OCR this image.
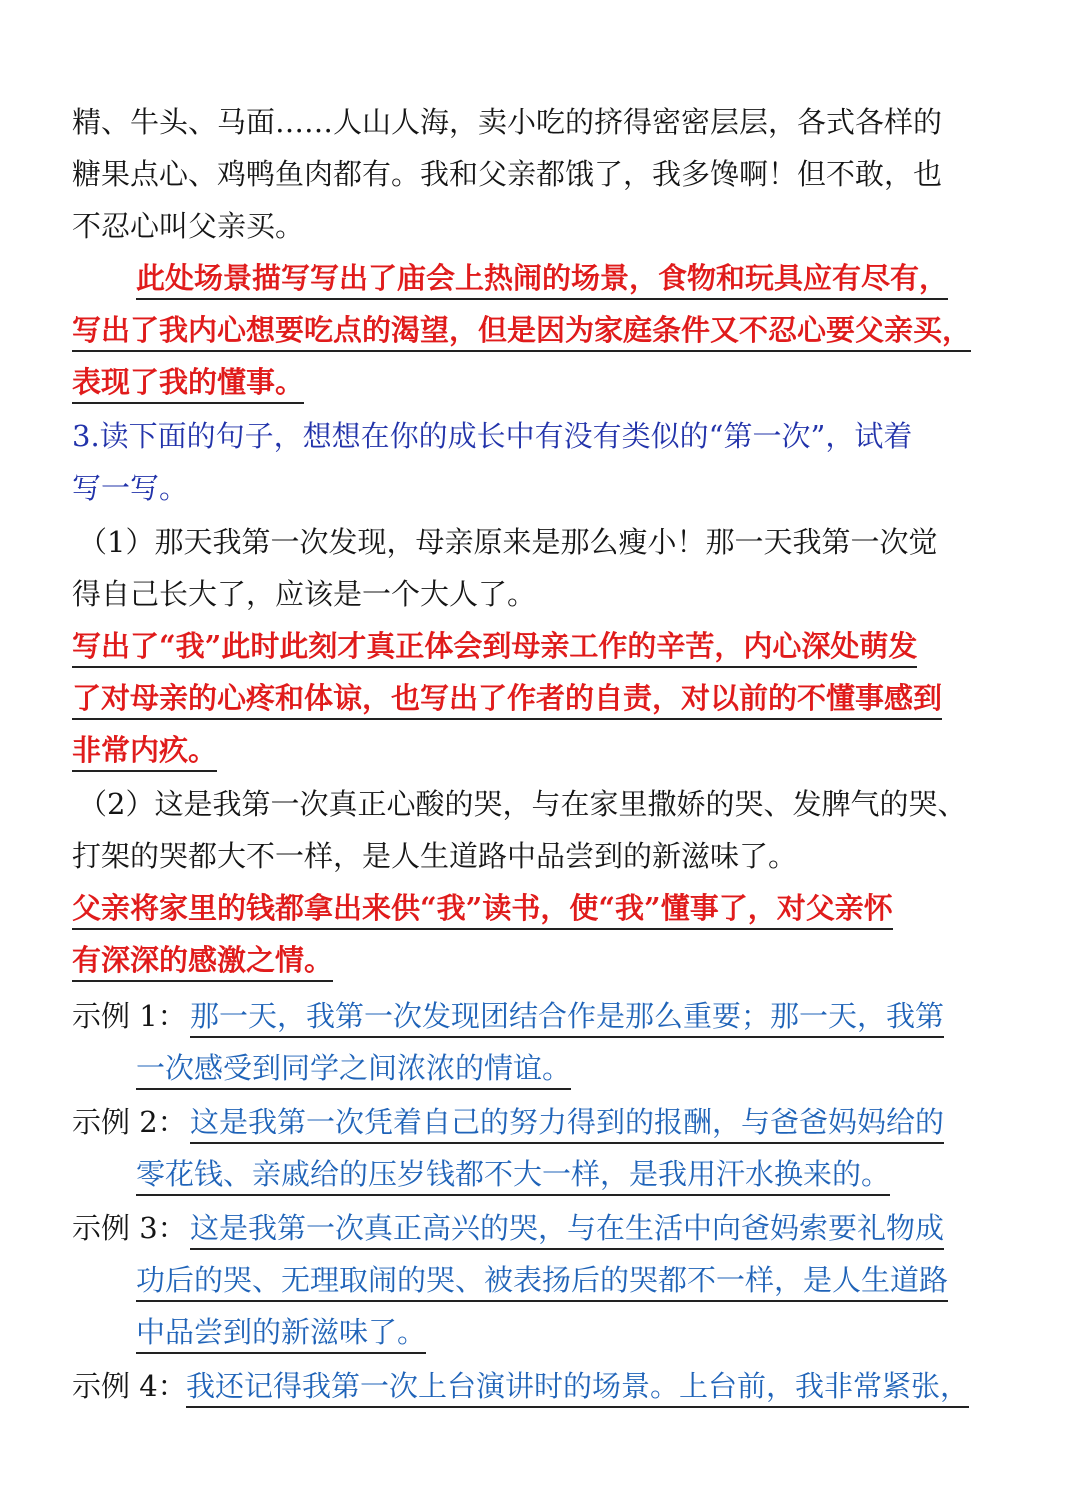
精、牛头、马面……人山人海，卖小吃的挤得密密层层，各式各样的
糖果点心、鸡鸭鱼肉都有。我和父亲都饿了，我多馋啊！但不敢，也
不忍心叫父亲买。
此处场景描写写出了庙会上热闹的场景，食物和玩具应有尽有，
写出了我内心想要吃点的渴望，但是因为家庭条件又不忍心要父亲买，
表现了我的懂事。
3.读下面的句子，想想在你的成长中有没有类似的“第一次”，试着
写一写。
（1）那天我第一次发现，母亲原来是那么瘦小！那一天我第一次觉
得自己长大了，应该是一个大人了。
写出了“我”此时此刻才真正体会到母亲工作的辛苦，内心深处萌发
了对母亲的心疼和体谅，也写出了作者的自责，对以前的不懂事感到
非常内疚。
（2）这是我第一次真正心酸的哭，与在家里撒娇的哭、发脾气的哭、
打架的哭都大不一样，是人生道路中品尝到的新滋味了。
父亲将家里的钱都拿出来供“我”读书，使“我”懂事了，对父亲怀
有深深的感激之情。
示例 1： 那一天，我第一次发现团结合作是那么重要；那一天，我第
一次感受到同学之间浓浓的情谊。
示例 2： 这是我第一次凭着自己的努力得到的报酬，与爸爸妈妈给的
零花钱、亲戚给的压岁钱都不大一样，是我用汗水换来的。
示例 3： 这是我第一次真正高兴的哭，与在生活中向爸妈索要礼物成
功后的哭、无理取闹的哭、被表扬后的哭都不一样，是人生道路
中品尝到的新滋味了。
示例 4： 我还记得我第一次上台演讲时的场景。上台前，我非常紧张，
